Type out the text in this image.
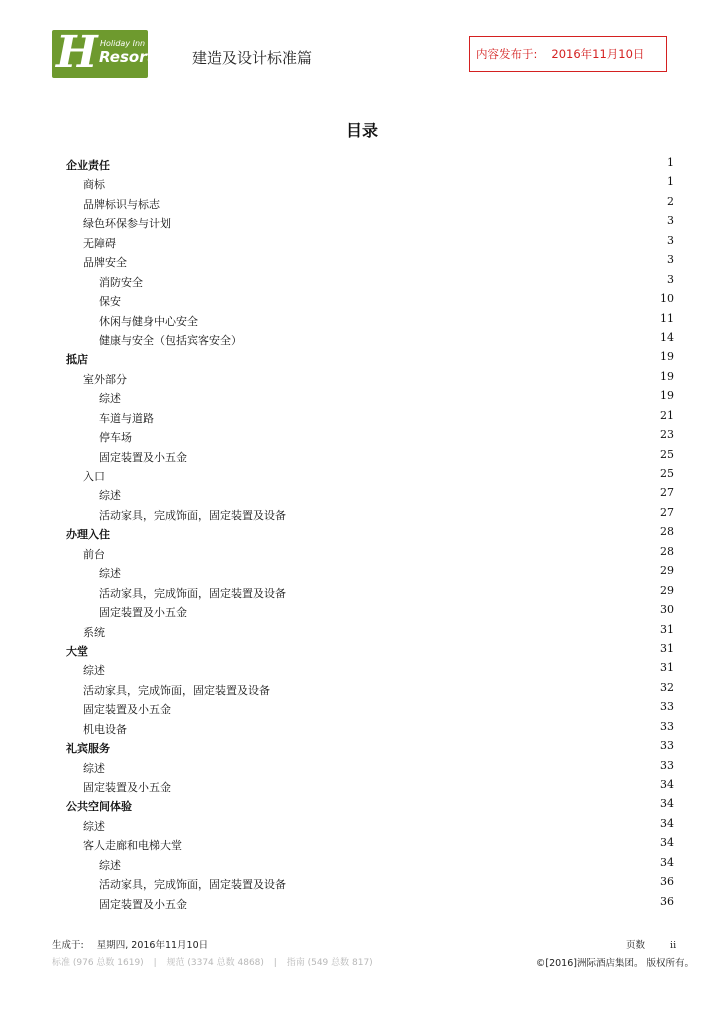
H Holiday Inn
Resort	建造及设计标准篇	内容发布于: 2016年11月10日
目录
企业责任	1
商标	1
品牌标识与标志	2
绿色环保参与计划	3
无障碍	3
品牌安全	3
消防安全	3
保安	10
休闲与健身中心安全	11
健康与安全（包括宾客安全）	14
抵店	19
室外部分	19
综述	19
车道与道路	21
停车场	23
固定装置及小五金	25
入口	25
综述	27
活动家具，完成饰面，固定装置及设备	27
办理入住	28
前台	28
综述	29
活动家具，完成饰面，固定装置及设备	29
固定装置及小五金	30
系统	31
大堂	31
综述	31
活动家具，完成饰面，固定装置及设备	32
固定装置及小五金	33
机电设备	33
礼宾服务	33
综述	33
固定装置及小五金	34
公共空间体验	34
综述	34
客人走廊和电梯大堂	34
综述	34
活动家具，完成饰面，固定装置及设备	36
固定装置及小五金	36
生成于: 星期四, 2016年11月10日	页数	ii
标准 (976 总数 1619) | 规范 (3374 总数 4868) | 指南 (549 总数 817)	©[2016]洲际酒店集团。 版权所有。
